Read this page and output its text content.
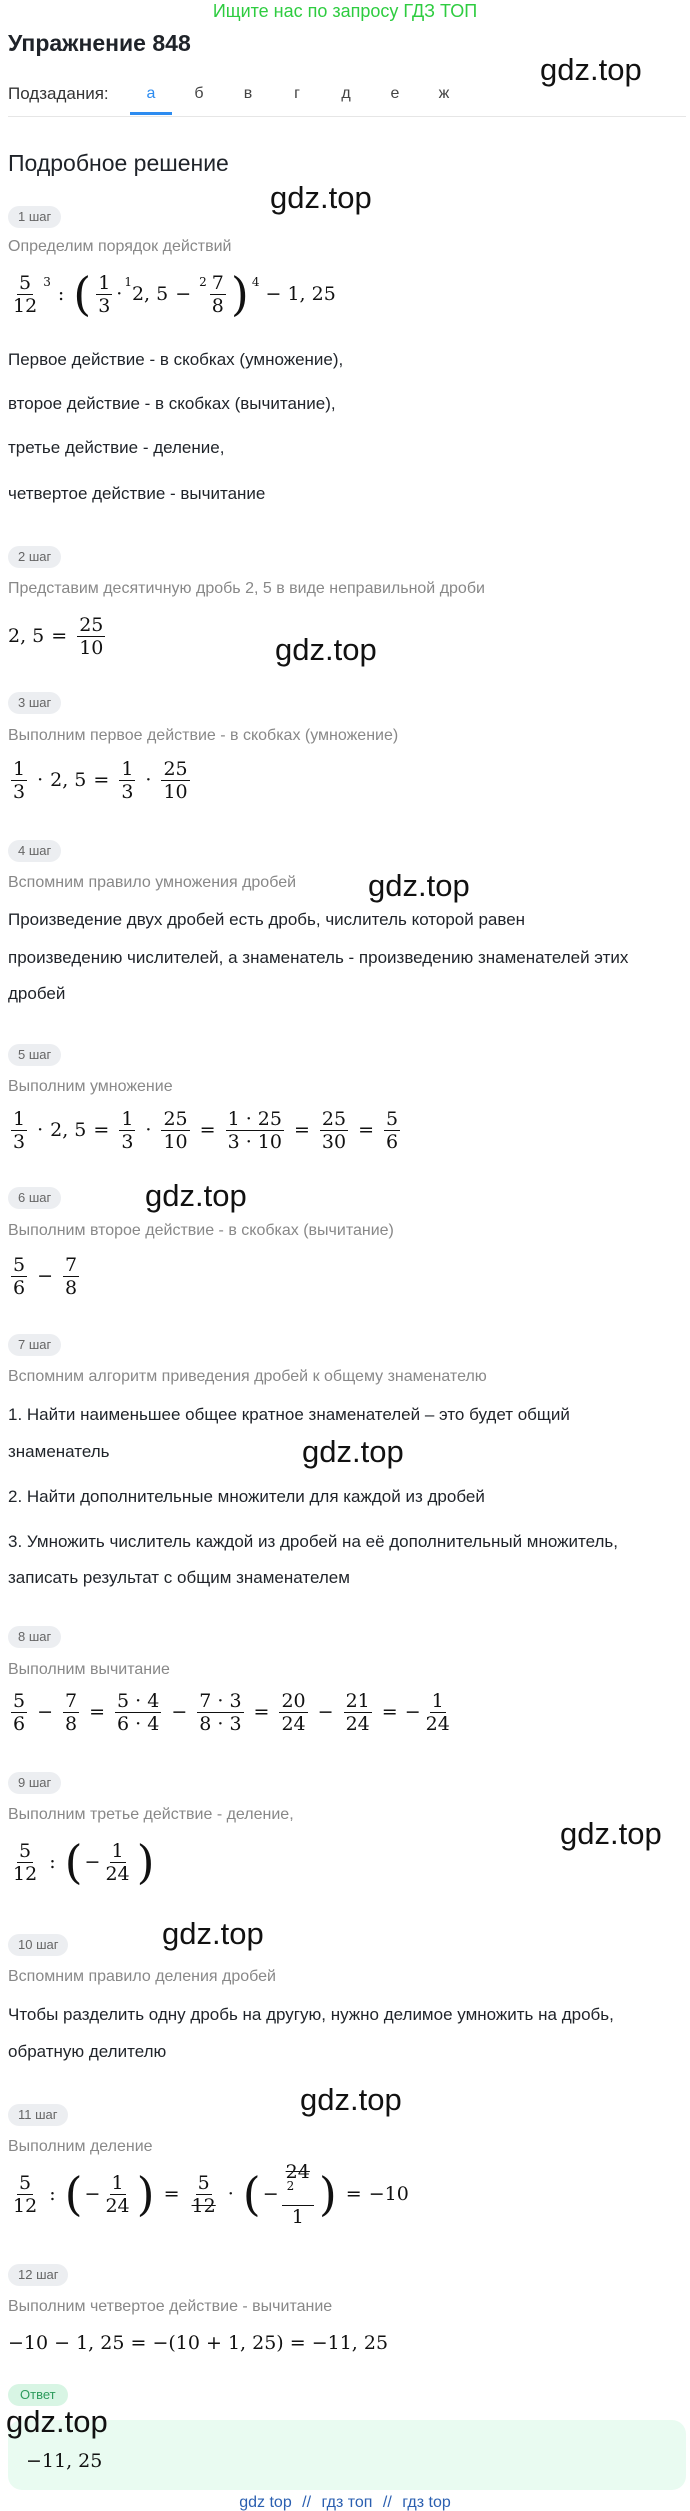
Ищите нас по запросу ГДЗ ТОП
Упражнение 848
Подзадания:	а	б	в	г	д	е	ж
gdz.top
gdz.top
gdz.top
gdz.top
gdz.top
gdz.top
gdz.top
gdz.top
gdz.top
Подробное решение
1 шаг
Определим порядок действий
$\frac{5}{12} 3$
: ( $\frac{1}{3}$ ·
1
2, 5 −
$2 \frac{7}{8}$ ) 4
− 1, 25
Первое действие - в скобках (умножение),
второе действие - в скобках (вычитание),
третье действие - деление,
четвертое действие - вычитание
2 шаг
Представим десятичную дробь 2, 5 в виде неправильной дроби
2, $5 = \frac{25}{10}$
3 шаг
Выполним первое действие - в скобках (умножение)
$\frac{1}{3} \cdot 2$, $5 = \frac{1}{3} \cdot \frac{25}{10}$
4 шаг
Вспомним правило умножения дробей
Произведение двух дробей есть дробь, числитель которой равен
произведению числителей, а знаменатель - произведению знаменателей этих
дробей
5 шаг
Выполним умножение
$\frac{1}{3} \cdot 2$, $5 = \frac{1}{3} \cdot \frac{25}{10} = \frac{1 \cdot 25}{3 \cdot 10} = \frac{25}{30} = \frac{5}{6}$
6 шаг
Выполним второе действие - в скобках (вычитание)
$\frac{5}{6} - \frac{7}{8}$
7 шаг
Вспомним алгоритм приведения дробей к общему знаменателю
1. Найти наименьшее общее кратное знаменателей – это будет общий
знаменатель
2. Найти дополнительные множители для каждой из дробей
3. Умножить числитель каждой из дробей на её дополнительный множитель,
записать результат с общим знаменателем
8 шаг
Выполним вычитание
$\frac{5}{6} - \frac{7}{8} = \frac{5 \cdot 4}{6 \cdot 4} - \frac{7 \cdot 3}{8 \cdot 3} = \frac{20}{24} - \frac{21}{24}$ = − $\frac{1}{24}$
9 шаг
Выполним третье действие - деление,
$\frac{5}{12}$ : ( − $\frac{1}{24}$ )
10 шаг
Вспомним правило деления дробей
Чтобы разделить одну дробь на другую, нужно делимое умножить на дробь,
обратную делителю
11 шаг
Выполним деление
$\frac{5}{12}$ : ( − $\frac{1}{24}$ ) = $\frac{5}{12}$ · ( − 24
2
1 ) = −10
12 шаг
Выполним четвертое действие - вычитание
−10 − 1, 25 = −(10 + 1, 25) = −11, 25
Ответ
−11, 25
gdz.top
gdz top // гдз топ // гдз top
